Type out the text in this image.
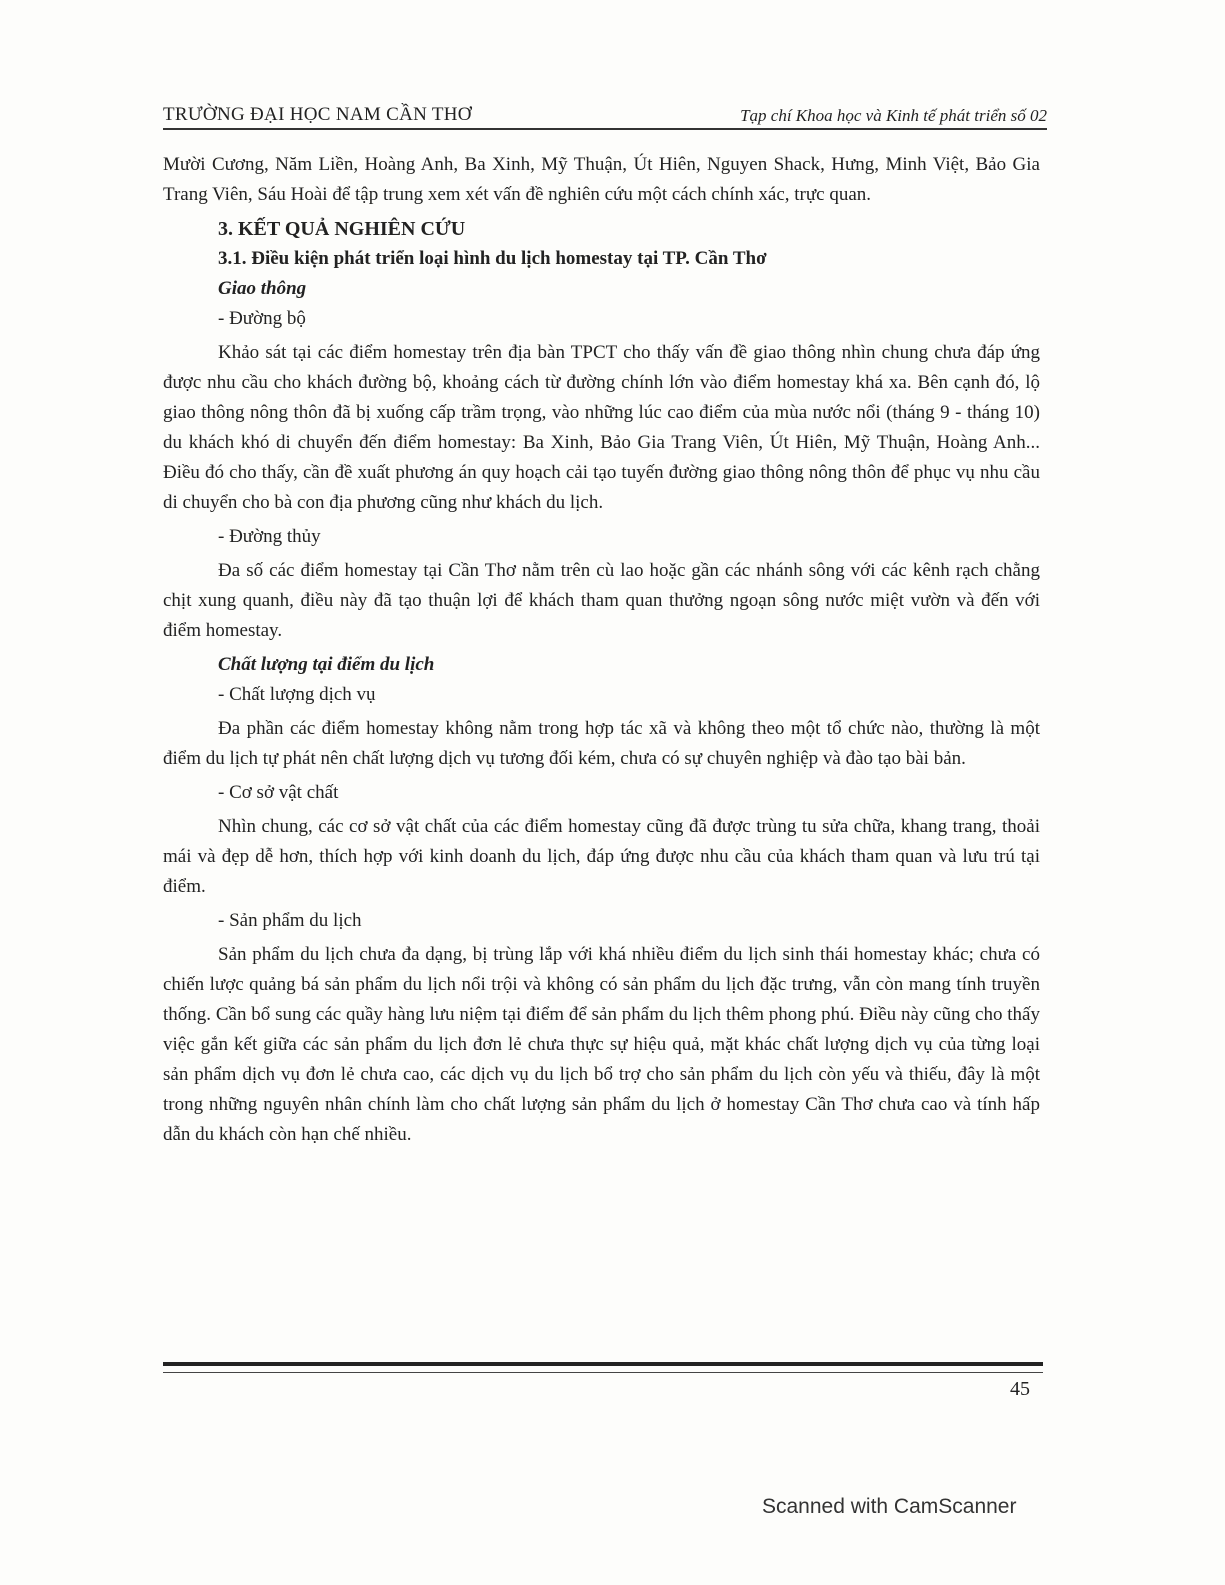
TRƯỜNG ĐẠI HỌC NAM CẦN THƠ	Tạp chí Khoa học và Kinh tế phát triển số 02

Mười Cương, Năm Liền, Hoàng Anh, Ba Xinh, Mỹ Thuận, Út Hiên, Nguyen Shack, Hưng, Minh Việt, Bảo Gia Trang Viên, Sáu Hoài để tập trung xem xét vấn đề nghiên cứu một cách chính xác, trực quan.

3. KẾT QUẢ NGHIÊN CỨU

3.1. Điều kiện phát triển loại hình du lịch homestay tại TP. Cần Thơ

Giao thông

- Đường bộ

Khảo sát tại các điểm homestay trên địa bàn TPCT cho thấy vấn đề giao thông nhìn chung chưa đáp ứng được nhu cầu cho khách đường bộ, khoảng cách từ đường chính lớn vào điểm homestay khá xa. Bên cạnh đó, lộ giao thông nông thôn đã bị xuống cấp trầm trọng, vào những lúc cao điểm của mùa nước nổi (tháng 9 - tháng 10) du khách khó di chuyển đến điểm homestay: Ba Xinh, Bảo Gia Trang Viên, Út Hiên, Mỹ Thuận, Hoàng Anh... Điều đó cho thấy, cần đề xuất phương án quy hoạch cải tạo tuyến đường giao thông nông thôn để phục vụ nhu cầu di chuyển cho bà con địa phương cũng như khách du lịch.

- Đường thủy

Đa số các điểm homestay tại Cần Thơ nằm trên cù lao hoặc gần các nhánh sông với các kênh rạch chằng chịt xung quanh, điều này đã tạo thuận lợi để khách tham quan thưởng ngoạn sông nước miệt vườn và đến với điểm homestay.

Chất lượng tại điểm du lịch

- Chất lượng dịch vụ

Đa phần các điểm homestay không nằm trong hợp tác xã và không theo một tổ chức nào, thường là một điểm du lịch tự phát nên chất lượng dịch vụ tương đối kém, chưa có sự chuyên nghiệp và đào tạo bài bản.

- Cơ sở vật chất

Nhìn chung, các cơ sở vật chất của các điểm homestay cũng đã được trùng tu sửa chữa, khang trang, thoải mái và đẹp dễ hơn, thích hợp với kinh doanh du lịch, đáp ứng được nhu cầu của khách tham quan và lưu trú tại điểm.

- Sản phẩm du lịch

Sản phẩm du lịch chưa đa dạng, bị trùng lắp với khá nhiều điểm du lịch sinh thái homestay khác; chưa có chiến lược quảng bá sản phẩm du lịch nổi trội và không có sản phẩm du lịch đặc trưng, vẫn còn mang tính truyền thống. Cần bổ sung các quầy hàng lưu niệm tại điểm để sản phẩm du lịch thêm phong phú. Điều này cũng cho thấy việc gắn kết giữa các sản phẩm du lịch đơn lẻ chưa thực sự hiệu quả, mặt khác chất lượng dịch vụ của từng loại sản phẩm dịch vụ đơn lẻ chưa cao, các dịch vụ du lịch bổ trợ cho sản phẩm du lịch còn yếu và thiếu, đây là một trong những nguyên nhân chính làm cho chất lượng sản phẩm du lịch ở homestay Cần Thơ chưa cao và tính hấp dẫn du khách còn hạn chế nhiều.

45
Scanned with CamScanner
